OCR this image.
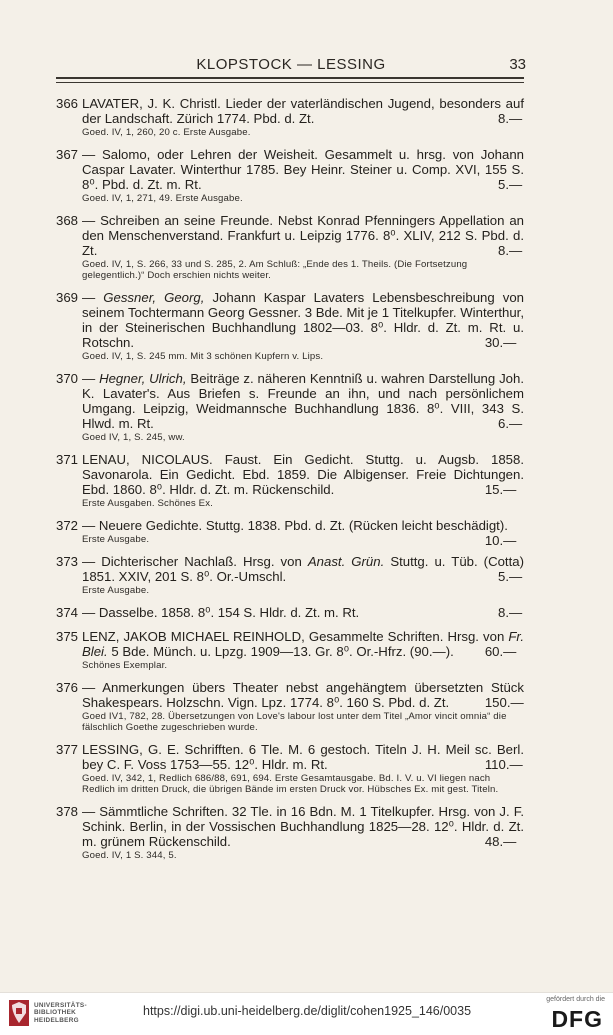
KLOPSTOCK — LESSING	33
366 LAVATER, J. K. Christl. Lieder der vaterländischen Jugend, besonders auf der Landschaft. Zürich 1774. Pbd. d. Zt.	8.—
Goed. IV, 1, 260, 20 c. Erste Ausgabe.
367 — Salomo, oder Lehren der Weisheit. Gesammelt u. hrsg. von Johann Caspar Lavater. Winterthur 1785. Bey Heinr. Steiner u. Comp. XVI, 155 S. 8⁰. Pbd. d. Zt. m. Rt.	5.—
Goed. IV, 1, 271, 49. Erste Ausgabe.
368 — Schreiben an seine Freunde. Nebst Konrad Pfenningers Appellation an den Menschenverstand. Frankfurt u. Leipzig 1776. 8⁰. XLIV, 212 S. Pbd. d. Zt.	8.—
Goed. IV, 1, S. 266, 33 und S. 285, 2. Am Schluß: „Ende des 1. Theils. (Die Fortsetzung gelegentlich.)“ Doch erschien nichts weiter.
369 — Gessner, Georg, Johann Kaspar Lavaters Lebensbeschreibung von seinem Tochtermann Georg Gessner. 3 Bde. Mit je 1 Titelkupfer. Winterthur, in der Steinerischen Buchhandlung 1802—03. 8⁰. Hldr. d. Zt. m. Rt. u. Rotschn.	30.—
Goed. IV, 1, S. 245 mm. Mit 3 schönen Kupfern v. Lips.
370 — Hegner, Ulrich, Beiträge z. näheren Kenntniß u. wahren Darstellung Joh. K. Lavater's. Aus Briefen s. Freunde an ihn, und nach persönlichem Umgang. Leipzig, Weidmannsche Buchhandlung 1836. 8⁰. VIII, 343 S. Hlwd. m. Rt.	6.—
Goed IV, 1, S. 245, ww.
371 LENAU, NICOLAUS. Faust. Ein Gedicht. Stuttg. u. Augsb. 1858. Savonarola. Ein Gedicht. Ebd. 1859. Die Albigenser. Freie Dichtungen. Ebd. 1860. 8⁰. Hldr. d. Zt. m. Rückenschild.	15.—
Erste Ausgaben. Schönes Ex.
372 — Neuere Gedichte. Stuttg. 1838. Pbd. d. Zt. (Rücken leicht beschädigt).
10.—
Erste Ausgabe.
373 — Dichterischer Nachlaß. Hrsg. von Anast. Grün. Stuttg. u. Tüb. (Cotta) 1851. XXIV, 201 S. 8⁰. Or.-Umschl.	5.—
Erste Ausgabe.
374 — Dasselbe. 1858. 8⁰. 154 S. Hldr. d. Zt. m. Rt.	8.—
375 LENZ, JAKOB MICHAEL REINHOLD, Gesammelte Schriften. Hrsg. von Fr. Blei. 5 Bde. Münch. u. Lpzg. 1909—13. Gr. 8⁰. Or.-Hfrz. (90.—). 60.—
Schönes Exemplar.
376 — Anmerkungen übers Theater nebst angehängtem übersetzten Stück Shakespears. Holzschn. Vign. Lpz. 1774. 8⁰. 160 S. Pbd. d. Zt.	150.—
Goed IV1, 782, 28. Übersetzungen von Love's labour lost unter dem Titel „Amor vincit omnia“ die fälschlich Goethe zugeschrieben wurde.
377 LESSING, G. E. Schrifften. 6 Tle. M. 6 gestoch. Titeln J. H. Meil sc. Berl. bey C. F. Voss 1753—55. 12⁰. Hldr. m. Rt.	110.—
Goed. IV, 342, 1, Redlich 686/88, 691, 694. Erste Gesamtausgabe. Bd. I. V. u. VI liegen nach Redlich im dritten Druck, die übrigen Bände im ersten Druck vor. Hübsches Ex. mit gest. Titeln.
378 — Sämmtliche Schriften. 32 Tle. in 16 Bdn. M. 1 Titelkupfer. Hrsg. von J. F. Schink. Berlin, in der Vossischen Buchhandlung 1825—28. 12⁰. Hldr. d. Zt. m. grünem Rückenschild.	48.—
Goed. IV, 1 S. 344, 5.
UNIVERSITÄTS-
BIBLIOTHEK
HEIDELBERG
https://digi.ub.uni-heidelberg.de/diglit/cohen1925_146/0035
gefördert durch die
DFG
